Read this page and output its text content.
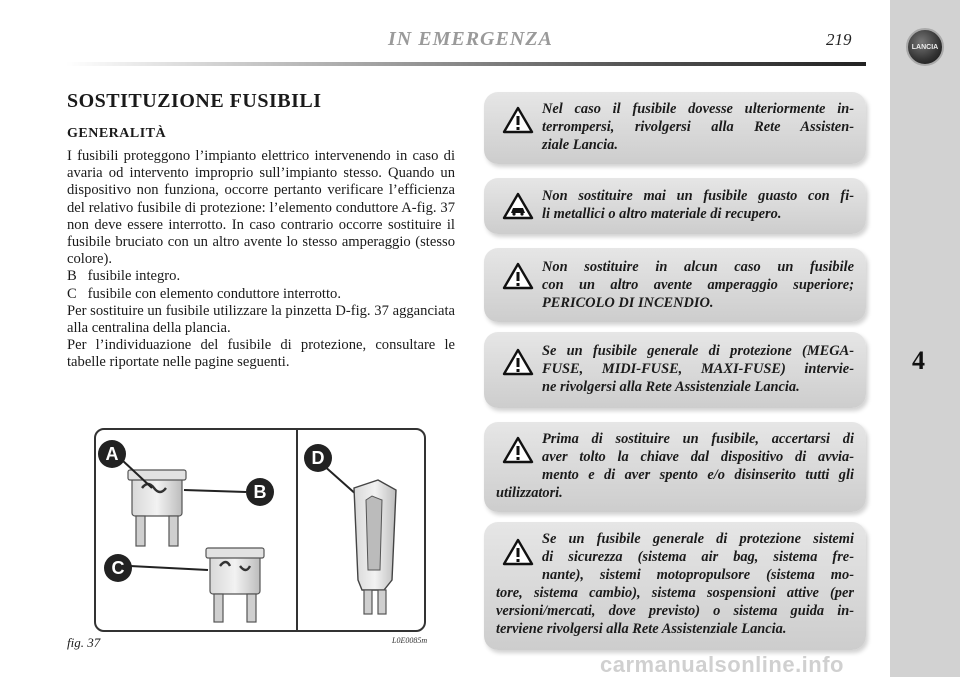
IN EMERGENZA	219	LANCIA
4
SOSTITUZIONE FUSIBILI
GENERALITÀ

I fusibili proteggono l’impianto elettrico intervenendo in caso di avaria od intervento improprio sull’impianto stesso. Quando un dispositivo non funziona, occorre pertanto verificare l’efficienza del relativo fusibile di protezione: l’elemento conduttore A-fig. 37 non deve essere interrotto. In caso contrario occorre sostituire il fusibile bruciato con un altro avente lo stesso amperaggio (stesso colore).

B   fusibile integro.

C   fusibile con elemento conduttore interrotto.

Per sostituire un fusibile utilizzare la pinzetta D-fig. 37 agganciata alla centralina della plancia.

Per l’individuazione del fusibile di protezione, consultare le tabelle riportate nelle pagine seguenti.

A
B
C
D
fig. 37	L0E0085m
Nel caso il fusibile dovesse ulteriormente in-
terrompersi, rivolgersi alla Rete Assisten-
ziale Lancia.
Non sostituire mai un fusibile guasto con fi-
li metallici o altro materiale di recupero.
Non sostituire in alcun caso un fusibile
con un altro avente amperaggio superiore;
PERICOLO DI INCENDIO.
Se un fusibile generale di protezione (MEGA-
FUSE, MIDI-FUSE, MAXI-FUSE) intervie-
ne rivolgersi alla Rete Assistenziale Lancia.
Prima di sostituire un fusibile, accertarsi di
aver tolto la chiave dal dispositivo di avvia-
mento e di aver spento e/o disinserito tutti gli
utilizzatori.
Se un fusibile generale di protezione sistemi
di sicurezza (sistema air bag, sistema fre-
nante), sistemi motopropulsore (sistema mo-
tore, sistema cambio), sistema sospensioni attive (per
versioni/mercati, dove previsto) o sistema guida in-
terviene rivolgersi alla Rete Assistenziale Lancia.
carmanualsonline.info
